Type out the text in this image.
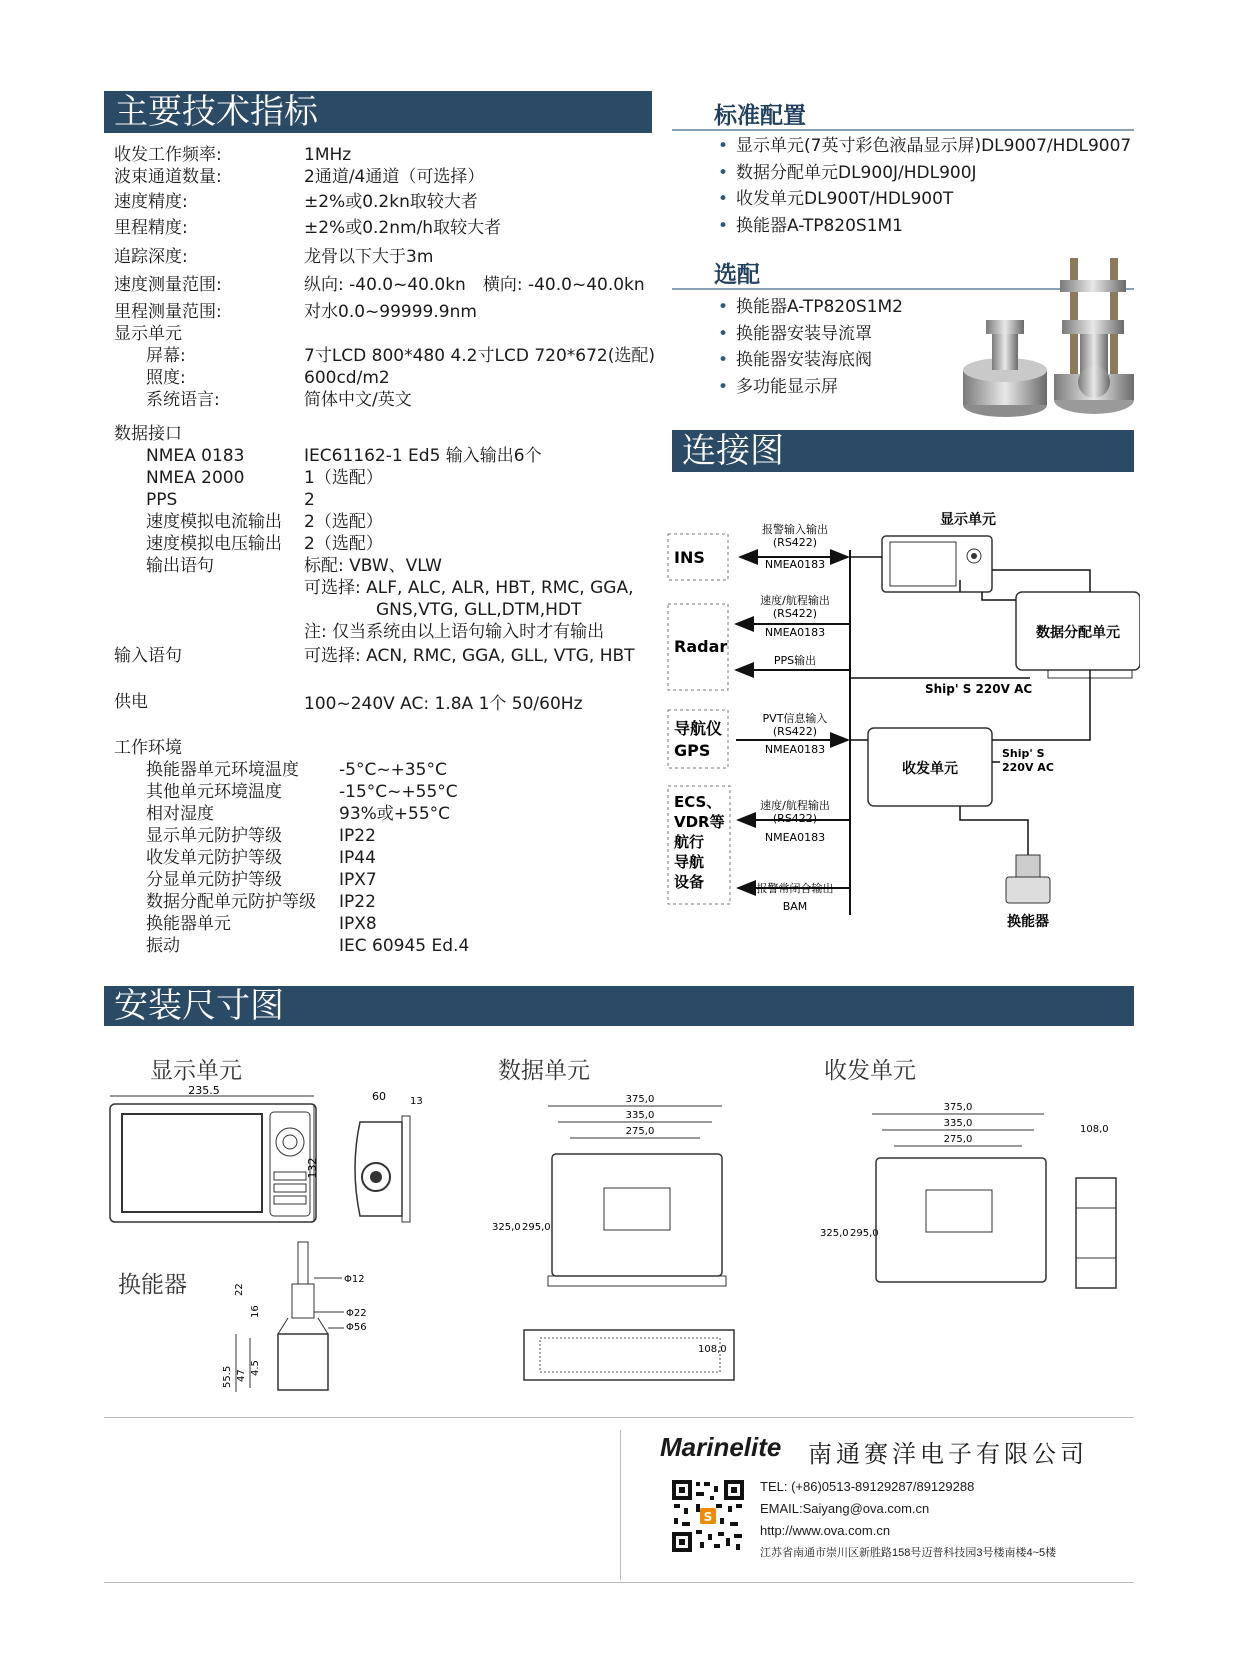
主要技术指标
收发工作频率:	1MHz
波束通道数量:	2通道/4通道（可选择）
速度精度:	±2%或0.2kn取较大者
里程精度:	±2%或0.2nm/h取较大者
追踪深度:	龙骨以下大于3m
速度测量范围:	纵向: -40.0~40.0kn　横向: -40.0~40.0kn
里程测量范围:	对水0.0~99999.9nm
显示单元
屏幕:	7寸LCD 800*480 4.2寸LCD 720*672(选配)
照度:	600cd/m2
系统语言:	简体中文/英文
数据接口
NMEA 0183	IEC61162-1 Ed5 输入输出6个
NMEA 2000	1（选配）
PPS	2
速度模拟电流输出 2（选配）
速度模拟电压输出 2（选配）
输出语句	标配: VBW、VLW
可选择: ALF, ALC, ALR, HBT, RMC, GGA,
GNS,VTG, GLL,DTM,HDT
注: 仅当系统由以上语句输入时才有输出
输入语句	可选择: ACN, RMC, GGA, GLL, VTG, HBT
供电	100~240V AC: 1.8A 1个 50/60Hz
工作环境
换能器单元环境温度 -5°C~+35°C
其他单元环境温度	-15°C~+55°C
相对湿度	93%或+55°C
显示单元防护等级	IP22
收发单元防护等级	IP44
分显单元防护等级	IPX7
数据分配单元防护等级 IP22
换能器单元	IPX8
振动	IEC 60945 Ed.4
标准配置
• 显示单元(7英寸彩色液晶显示屏)DL9007/HDL9007
• 数据分配单元DL900J/HDL900J
• 收发单元DL900T/HDL900T
• 换能器A-TP820S1M1
选配
• 换能器A-TP820S1M2
• 换能器安装导流罩
• 换能器安装海底阀
• 多功能显示屏
连接图
INS
Radar
导航仪
GPS
ECS、
VDR等
航行
导航
设备
报警输入输出
(RS422)
NMEA0183
速度/航程输出
(RS422)
NMEA0183
PPS输出
PVT信息输入
(RS422)
NMEA0183
速度/航程输出
(RS422)
NMEA0183
报警常闭合输出
BAM
显示单元
数据分配单元
Ship' S 220V AC
收发单元
Ship' S
220V AC
换能器
安装尺寸图
显示单元	数据单元	收发单元
换能器
235.5
132
60 13
Φ12
Φ22
Φ56
22
16
55.5 47 4.5
375,0
335,0
275,0
325,0 295,0
108,0
375,0
335,0
275,0
325,0 295,0
108,0
Marinelite 南通赛洋电子有限公司
S
TEL: (+86)0513-89129287/89129288
EMAIL:Saiyang@ova.com.cn
http://www.ova.com.cn
江苏省南通市崇川区新胜路158号迈普科技园3号楼南楼4~5楼
